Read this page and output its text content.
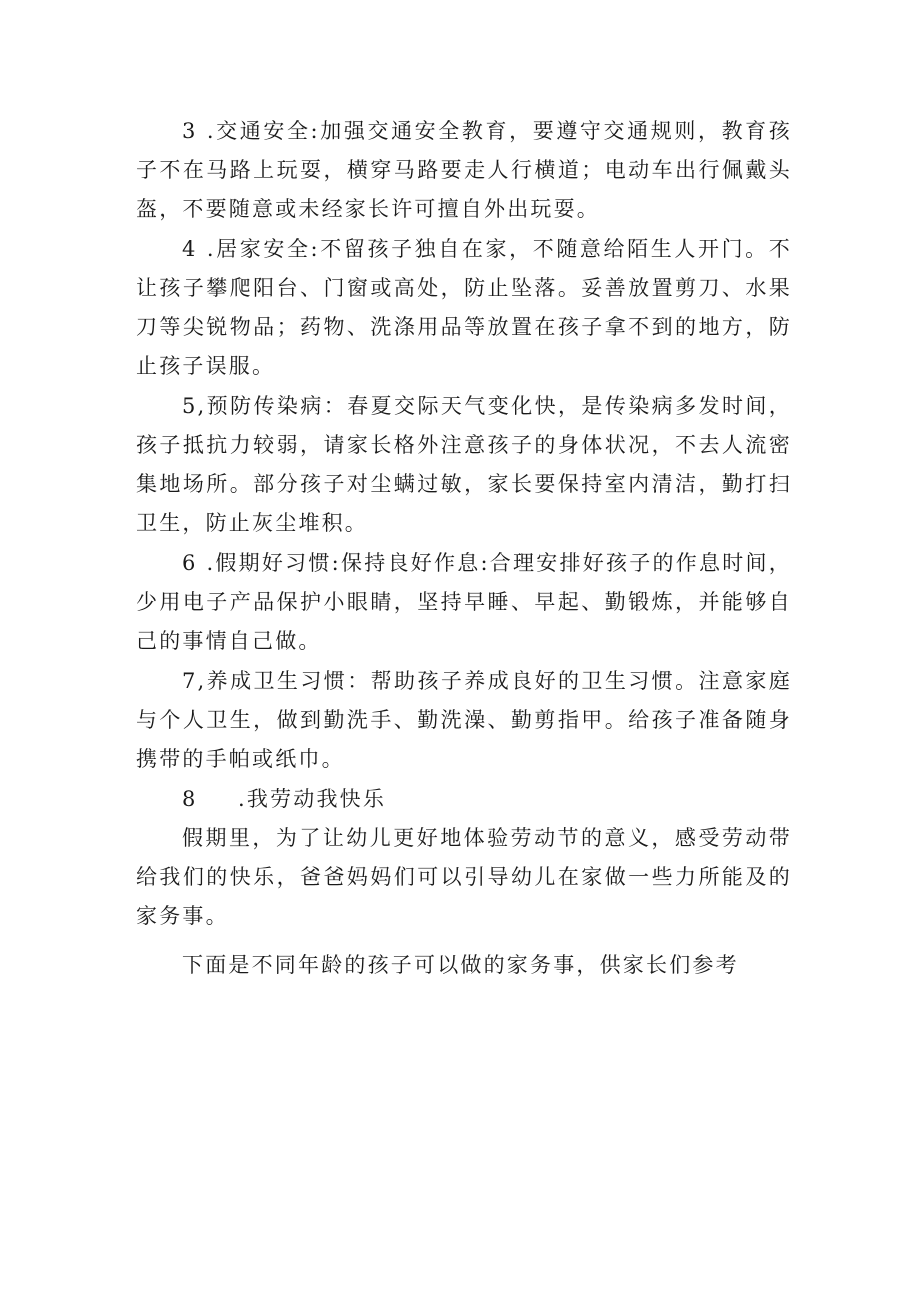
3 .交通安全:加强交通安全教育，要遵守交通规则，教育孩子不在马路上玩耍，横穿马路要走人行横道；电动车出行佩戴头盔，不要随意或未经家长许可擅自外出玩耍。

4 .居家安全:不留孩子独自在家，不随意给陌生人开门。不让孩子攀爬阳台、门窗或高处，防止坠落。妥善放置剪刀、水果刀等尖锐物品；药物、洗涤用品等放置在孩子拿不到的地方，防止孩子误服。

5,预防传染病：春夏交际天气变化快，是传染病多发时间，孩子抵抗力较弱，请家长格外注意孩子的身体状况，不去人流密集地场所。部分孩子对尘螨过敏，家长要保持室内清洁，勤打扫卫生，防止灰尘堆积。

6 .假期好习惯:保持良好作息:合理安排好孩子的作息时间，少用电子产品保护小眼睛，坚持早睡、早起、勤锻炼，并能够自己的事情自己做。

7,养成卫生习惯：帮助孩子养成良好的卫生习惯。注意家庭与个人卫生，做到勤洗手、勤洗澡、勤剪指甲。给孩子准备随身携带的手帕或纸巾。

8 .我劳动我快乐

假期里，为了让幼儿更好地体验劳动节的意义，感受劳动带给我们的快乐，爸爸妈妈们可以引导幼儿在家做一些力所能及的家务事。

下面是不同年龄的孩子可以做的家务事，供家长们参考
